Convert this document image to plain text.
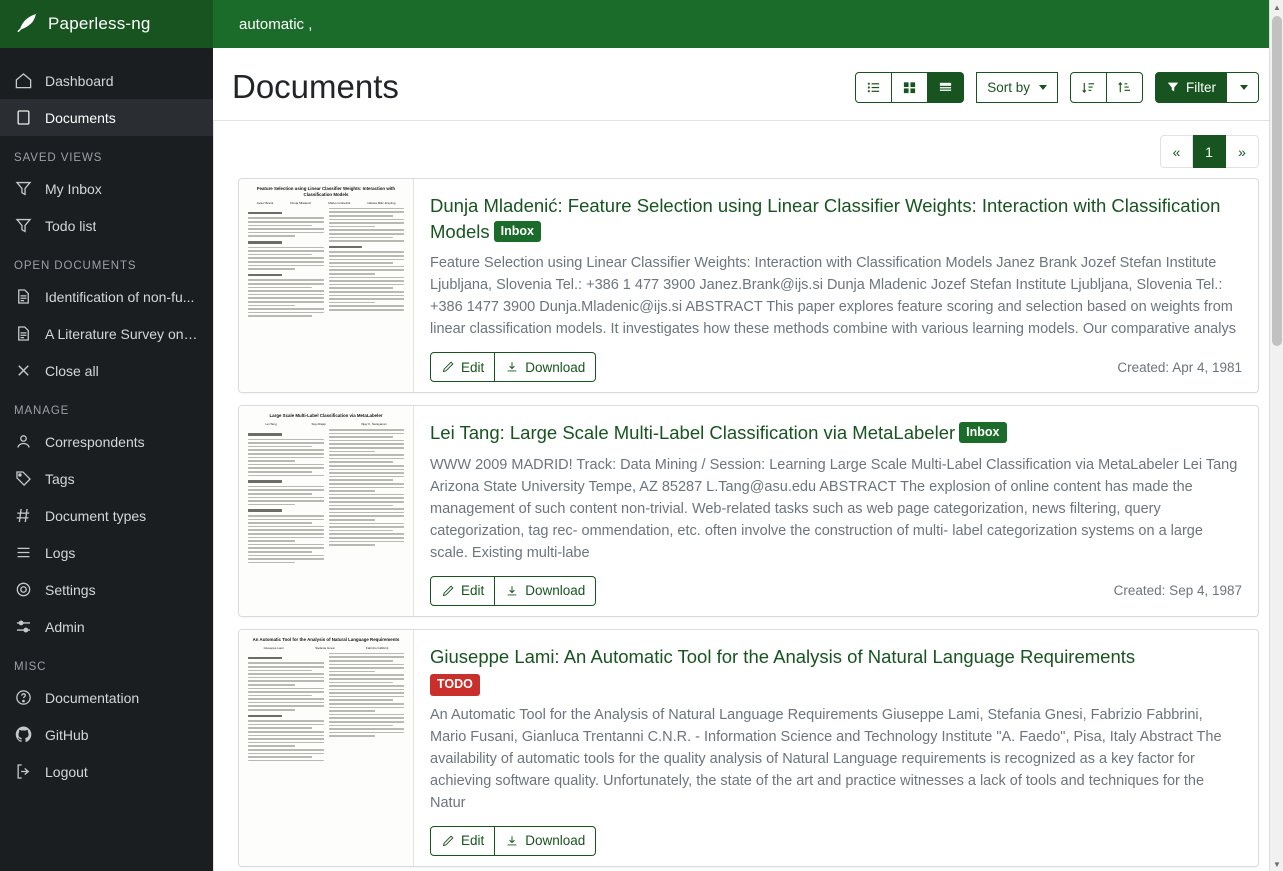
Paperless-ng	automatic ,
Dashboard
Documents
SAVED VIEWS
My Inbox
Todo list
OPEN DOCUMENTS
Identification of non-fu...
A Literature Survey on ...
Close all
MANAGE
Correspondents
Tags
Document types
Logs
Settings
Admin
MISC
Documentation
GitHub
Logout
Documents	Sort by	Filter
«	1	»
Feature Selection using Linear Classifier Weights: Interaction with Classification Models
Janez Brank	Dunja Mladenić	Marko Grobelnik	Natasa Milic-Frayling Dunja Mladenić: Feature Selection using Linear Classifier Weights: Interaction with Classification Models Inbox
Feature Selection using Linear Classifier Weights: Interaction with Classification Models Janez Brank Jozef Stefan Institute Ljubljana, Slovenia Tel.: +386 1 477 3900 Janez.Brank@ijs.si Dunja Mladenic Jozef Stefan Institute Ljubljana, Slovenia Tel.: +386 1477 3900 Dunja.Mladenic@ijs.si ABSTRACT This paper explores feature scoring and selection based on weights from linear classification models. It investigates how these methods combine with various learning models. Our comparative analys
Edit	Download	Created: Apr 4, 1981
Large Scale Multi-Label Classification via MetaLabeler
Lei Tang	Suju Rajan	Vijay K. Narayanan Lei Tang: Large Scale Multi-Label Classification via MetaLabeler Inbox
WWW 2009 MADRID! Track: Data Mining / Session: Learning Large Scale Multi-Label Classification via MetaLabeler Lei Tang Arizona State University Tempe, AZ 85287 L.Tang@asu.edu ABSTRACT The explosion of online content has made the management of such content non-trivial. Web-related tasks such as web page categorization, news filtering, query categorization, tag rec- ommendation, etc. often involve the construction of multi- label categorization systems on a large scale. Existing multi-labe
Edit	Download	Created: Sep 4, 1987
An Automatic Tool for the Analysis of Natural Language Requirements
Giuseppe Lami	Stefania Gnesi	Fabrizio Fabbrini Giuseppe Lami: An Automatic Tool for the Analysis of Natural Language Requirements
TODO
An Automatic Tool for the Analysis of Natural Language Requirements Giuseppe Lami, Stefania Gnesi, Fabrizio Fabbrini, Mario Fusani, Gianluca Trentanni C.N.R. - Information Science and Technology Institute "A. Faedo", Pisa, Italy Abstract The availability of automatic tools for the quality analysis of Natural Language requirements is recognized as a key factor for achieving software quality. Unfortunately, the state of the art and practice witnesses a lack of tools and techniques for the Natur
Edit	Download
▲
▼
